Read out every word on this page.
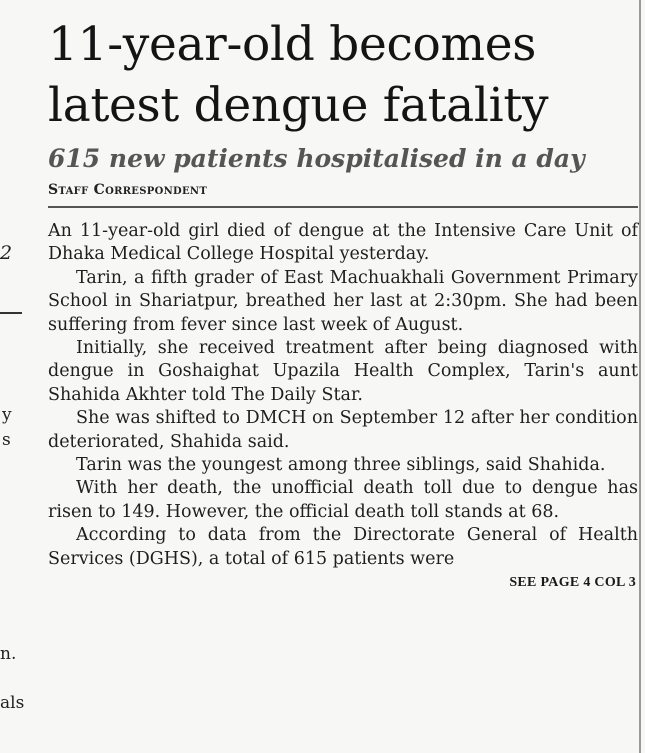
2
y
s
n.
als
11-year-old becomes latest dengue fatality
615 new patients hospitalised in a day
Staff Correspondent

An 11-year-old girl died of dengue at the Intensive Care Unit of Dhaka Medical College Hospital yesterday.

Tarin, a fifth grader of East Machuakhali Government Primary School in Shariatpur, breathed her last at 2:30pm. She had been suffering from fever since last week of August.

Initially, she received treatment after being diagnosed with dengue in Goshaighat Upazila Health Complex, Tarin's aunt Shahida Akhter told The Daily Star.

She was shifted to DMCH on September 12 after her condition deteriorated, Shahida said.

Tarin was the youngest among three siblings, said Shahida.

With her death, the unofficial death toll due to dengue has risen to 149. However, the official death toll stands at 68.

According to data from the Directorate General of Health Services (DGHS), a total of 615 patients were

SEE PAGE 4 COL 3
